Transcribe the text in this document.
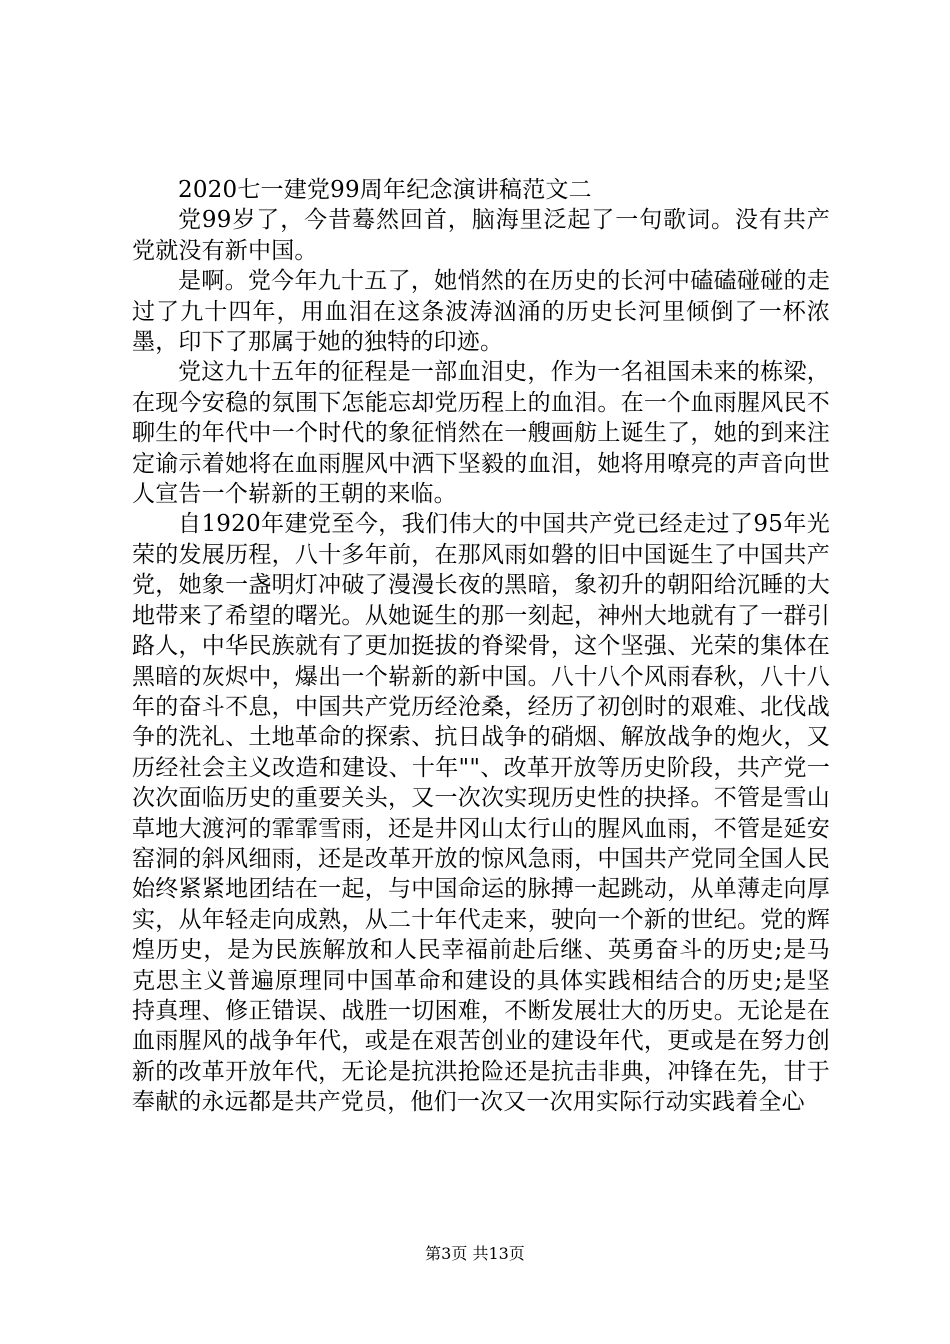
2020七一建党99周年纪念演讲稿范文二

党99岁了，今昔蓦然回首，脑海里泛起了一句歌词。没有共产党就没有新中国。

是啊。党今年九十五了，她悄然的在历史的长河中磕磕碰碰的走过了九十四年，用血泪在这条波涛汹涌的历史长河里倾倒了一杯浓墨，印下了那属于她的独特的印迹。

党这九十五年的征程是一部血泪史，作为一名祖国未来的栋梁，在现今安稳的氛围下怎能忘却党历程上的血泪。在一个血雨腥风民不聊生的年代中一个时代的象征悄然在一艘画舫上诞生了，她的到来注定谕示着她将在血雨腥风中洒下坚毅的血泪，她将用嘹亮的声音向世人宣告一个崭新的王朝的来临。

自1920年建党至今，我们伟大的中国共产党已经走过了95年光荣的发展历程，八十多年前，在那风雨如磐的旧中国诞生了中国共产党，她象一盏明灯冲破了漫漫长夜的黑暗，象初升的朝阳给沉睡的大地带来了希望的曙光。从她诞生的那一刻起，神州大地就有了一群引路人，中华民族就有了更加挺拔的脊梁骨，这个坚强、光荣的集体在黑暗的灰烬中，爆出一个崭新的新中国。八十八个风雨春秋，八十八年的奋斗不息，中国共产党历经沧桑，经历了初创时的艰难、北伐战争的洗礼、土地革命的探索、抗日战争的硝烟、解放战争的炮火，又历经社会主义改造和建设、十年""、改革开放等历史阶段，共产党一次次面临历史的重要关头，又一次次实现历史性的抉择。不管是雪山草地大渡河的霏霏雪雨，还是井冈山太行山的腥风血雨，不管是延安窑洞的斜风细雨，还是改革开放的惊风急雨，中国共产党同全国人民始终紧紧地团结在一起，与中国命运的脉搏一起跳动，从单薄走向厚实，从年轻走向成熟，从二十年代走来，驶向一个新的世纪。党的辉煌历史，是为民族解放和人民幸福前赴后继、英勇奋斗的历史;是马克思主义普遍原理同中国革命和建设的具体实践相结合的历史;是坚持真理、修正错误、战胜一切困难，不断发展壮大的历史。无论是在血雨腥风的战争年代，或是在艰苦创业的建设年代，更或是在努力创新的改革开放年代，无论是抗洪抢险还是抗击非典，冲锋在先，甘于奉献的永远都是共产党员，他们一次又一次用实际行动实践着全心

第3页 共13页
